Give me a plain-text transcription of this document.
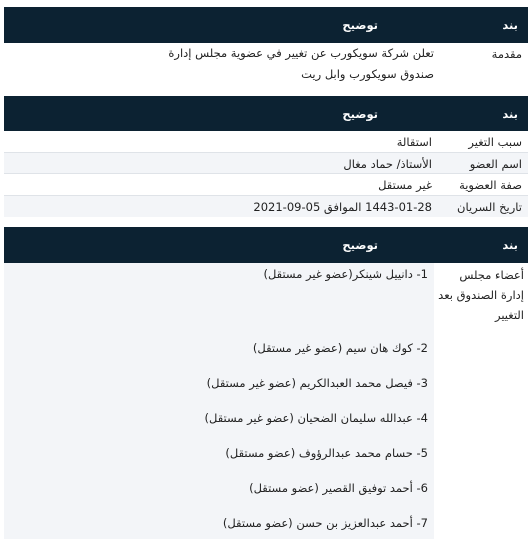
بند
توضيح
مقدمة
تعلن شركة سويكورب عن تغيير في عضوية مجلس إدارة
صندوق سويكورب وابل ريت
بند
توضيح
سبب التغير
استقالة
اسم العضو
الأستاذ/ حماد مغال
صفة العضوية
غير مستقل
تاريخ السريان
1443-01-28 الموافق 05-09-2021
بند
توضيح
أعضاء مجلس إدارة الصندوق بعد التغيير
1- دانييل شينكر(عضو غير مستقل)
2- كوك هان سيم (عضو غير مستقل)
3- فيصل محمد العبدالكريم (عضو غير مستقل)
4- عبدالله سليمان الضحيان (عضو غير مستقل)
5- حسام محمد عبدالرؤوف (عضو مستقل)
6- أحمد توفيق القصير (عضو مستقل)
7- أحمد عبدالعزيز بن حسن (عضو مستقل)
